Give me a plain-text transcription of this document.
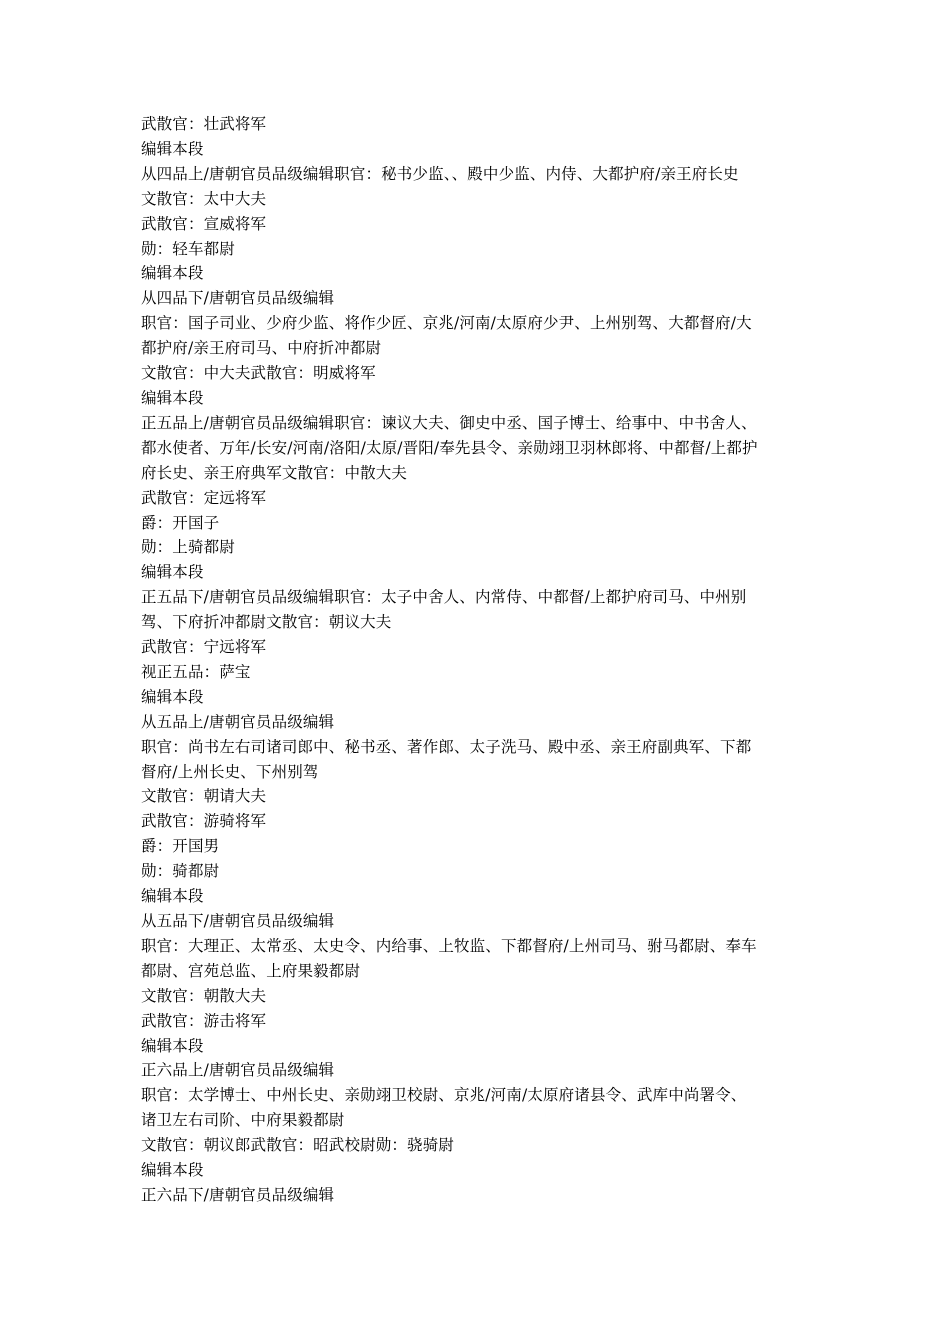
武散官：壮武将军
编辑本段
从四品上/唐朝官员品级编辑职官：秘书少监、、殿中少监、内侍、大都护府/亲王府长史
文散官：太中大夫
武散官：宣威将军
勋：轻车都尉
编辑本段
从四品下/唐朝官员品级编辑
职官：国子司业、少府少监、将作少匠、京兆/河南/太原府少尹、上州别驾、大都督府/大
都护府/亲王府司马、中府折冲都尉
文散官：中大夫武散官：明威将军
编辑本段
正五品上/唐朝官员品级编辑职官：谏议大夫、御史中丞、国子博士、给事中、中书舍人、
都水使者、万年/长安/河南/洛阳/太原/晋阳/奉先县令、亲勋翊卫羽林郎将、中都督/上都护
府长史、亲王府典军文散官：中散大夫
武散官：定远将军
爵：开国子
勋：上骑都尉
编辑本段
正五品下/唐朝官员品级编辑职官：太子中舍人、内常侍、中都督/上都护府司马、中州别
驾、下府折冲都尉文散官：朝议大夫
武散官：宁远将军
视正五品：萨宝
编辑本段
从五品上/唐朝官员品级编辑
职官：尚书左右司诸司郎中、秘书丞、著作郎、太子洗马、殿中丞、亲王府副典军、下都
督府/上州长史、下州别驾
文散官：朝请大夫
武散官：游骑将军
爵：开国男
勋：骑都尉
编辑本段
从五品下/唐朝官员品级编辑
职官：大理正、太常丞、太史令、内给事、上牧监、下都督府/上州司马、驸马都尉、奉车
都尉、宫苑总监、上府果毅都尉
文散官：朝散大夫
武散官：游击将军
编辑本段
正六品上/唐朝官员品级编辑
职官：太学博士、中州长史、亲勋翊卫校尉、京兆/河南/太原府诸县令、武库中尚署令、
诸卫左右司阶、中府果毅都尉
文散官：朝议郎武散官：昭武校尉勋：骁骑尉
编辑本段
正六品下/唐朝官员品级编辑
